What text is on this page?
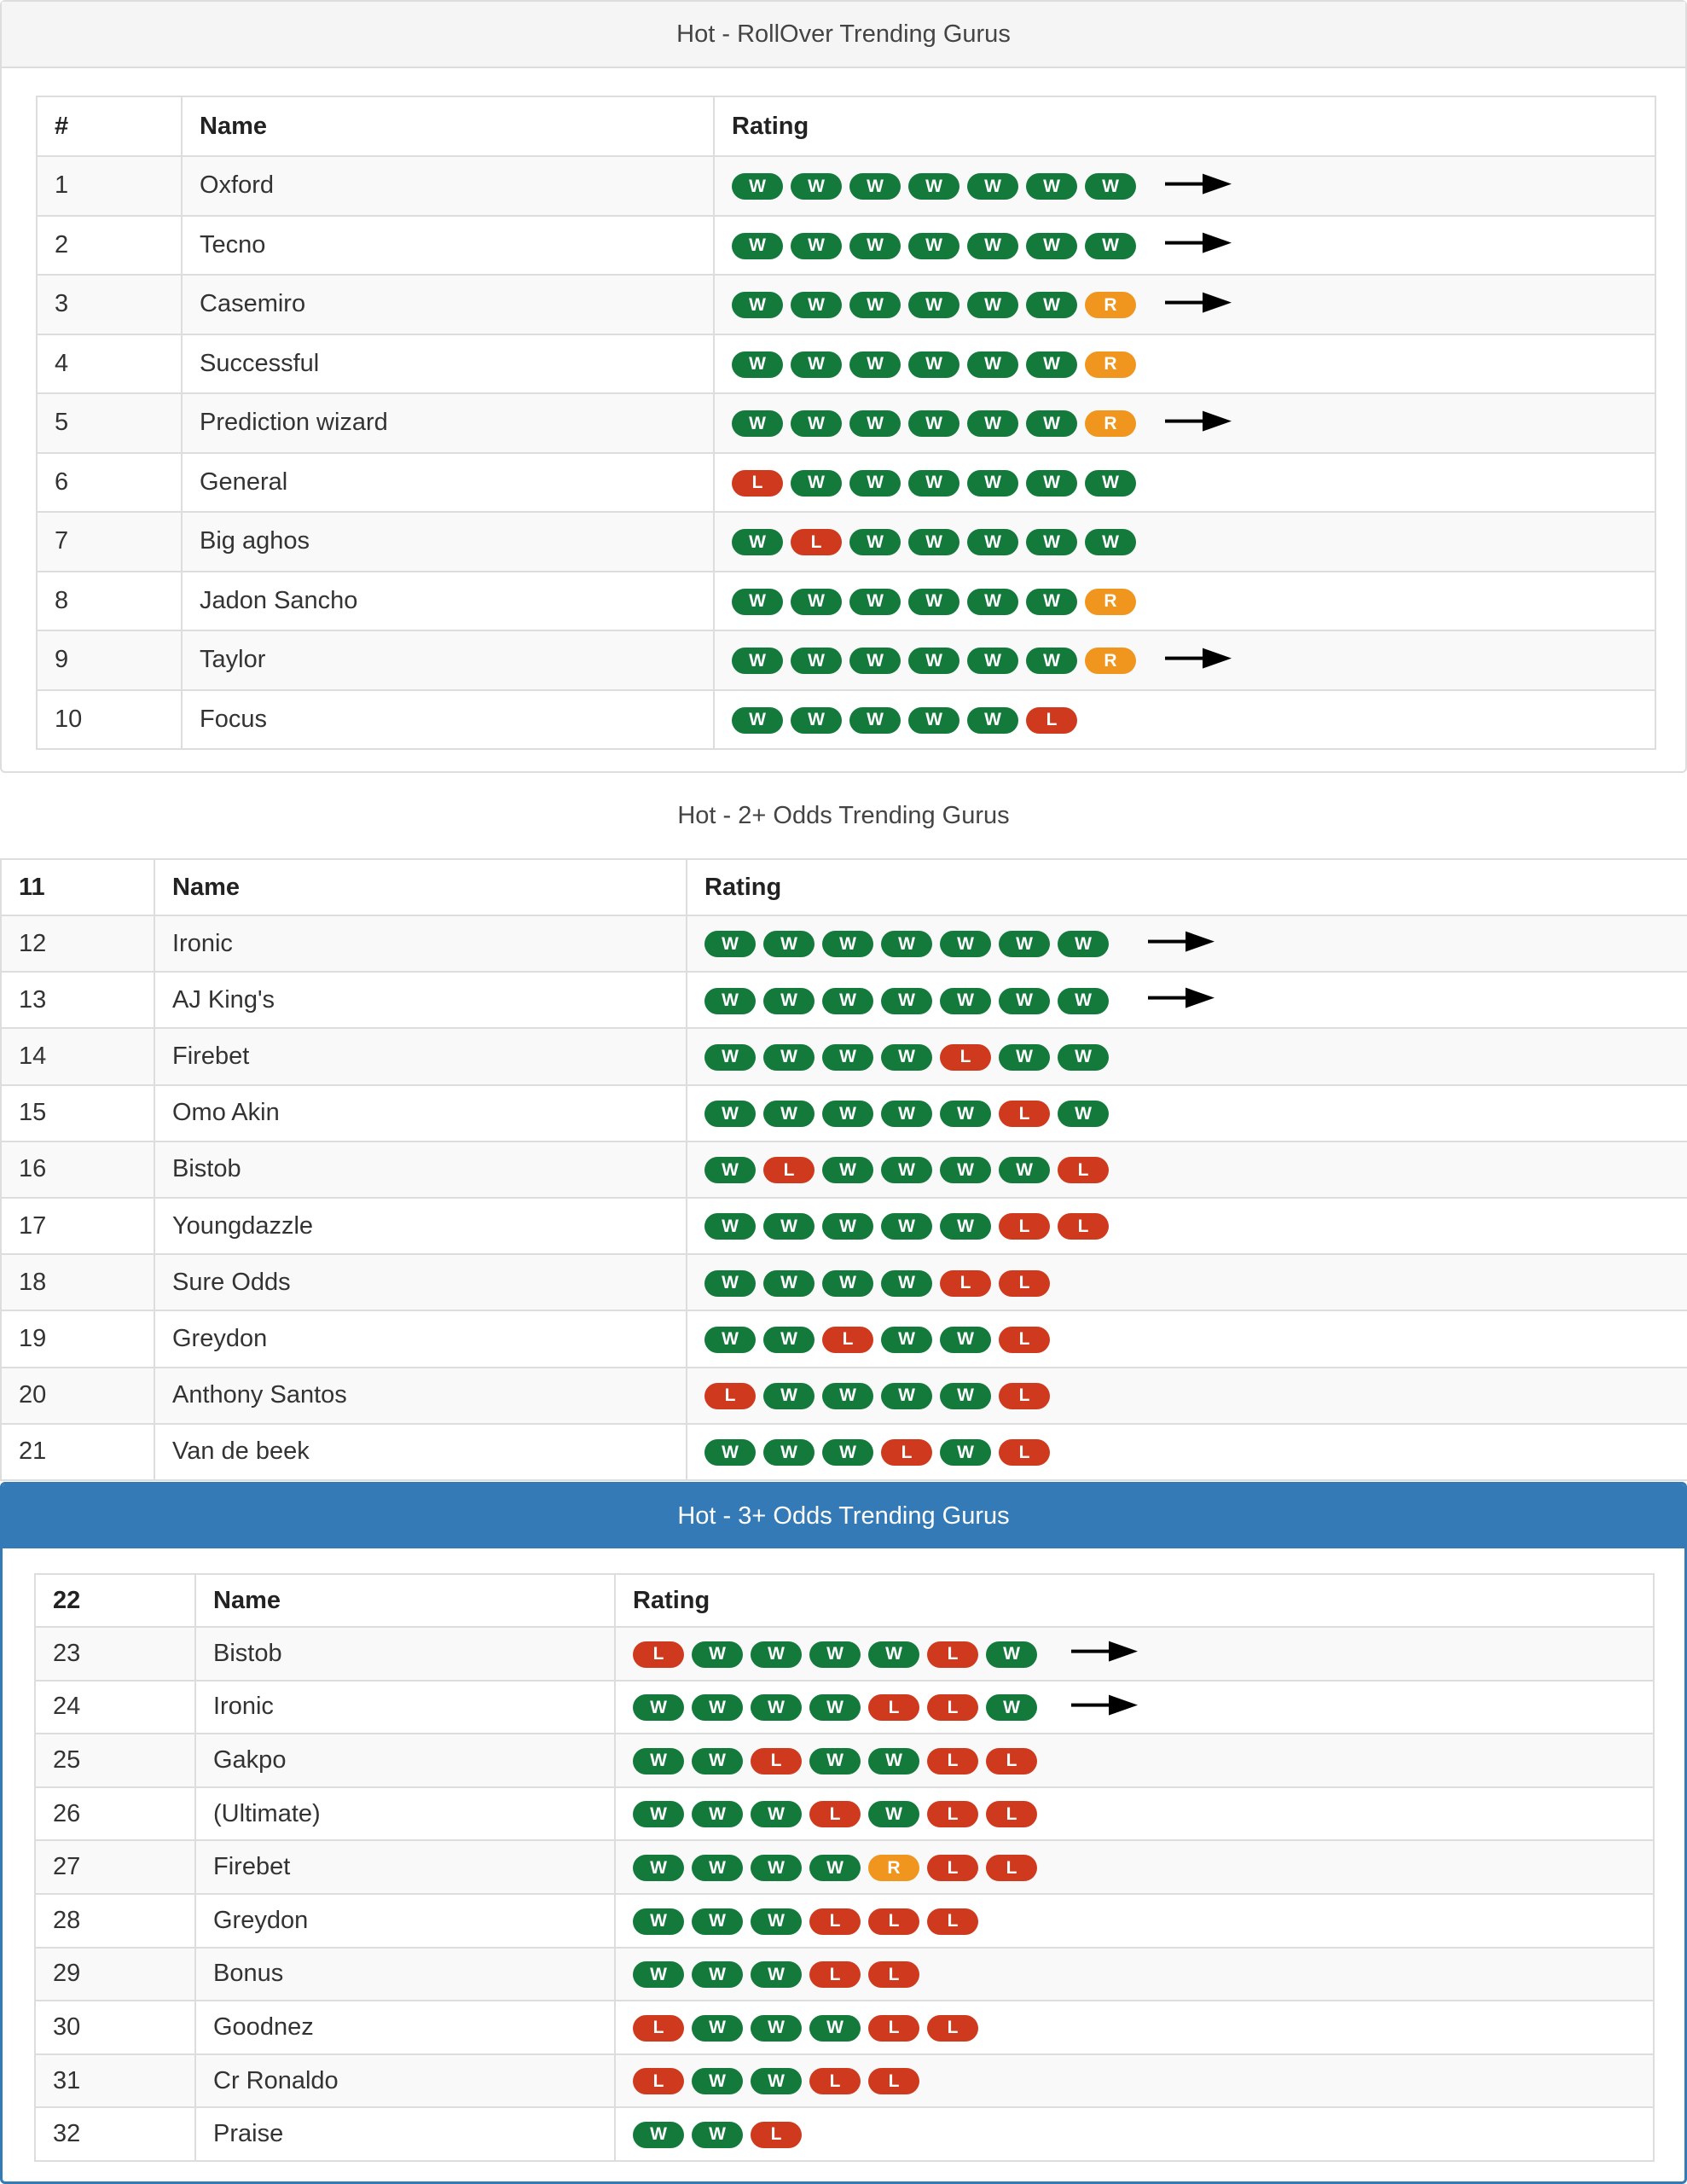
Hot - RollOver Trending Gurus
#	Name	Rating
1	Oxford	W W W W W W W

2	Tecno	W W W W W W W

3	Casemiro	W W W W W W R

4	Successful	W W W W W W R
5	Prediction wizard	W W W W W W R

6	General	L W W W W W W
7	Big aghos	W L W W W W W
8	Jadon Sancho	W W W W W W R
9	Taylor	W W W W W W R

10	Focus	W W W W W L
Hot - 2+ Odds Trending Gurus
11	Name	Rating
12	Ironic	W W W W W W W

13	AJ King's	W W W W W W W

14	Firebet	W W W W L W W
15	Omo Akin	W W W W W L W
16	Bistob	W L W W W W L
17	Youngdazzle	W W W W W L L
18	Sure Odds	W W W W L L
19	Greydon	W W L W W L
20	Anthony Santos	L W W W W L
21	Van de beek	W W W L W L
Hot - 3+ Odds Trending Gurus
22	Name	Rating
23	Bistob	L W W W W L W

24	Ironic	W W W W L L W

25	Gakpo	W W L W W L L
26	(Ultimate)	W W W L W L L
27	Firebet	W W W W R L L
28	Greydon	W W W L L L
29	Bonus	W W W L L
30	Goodnez	L W W W L L
31	Cr Ronaldo	L W W L L
32	Praise	W W L
